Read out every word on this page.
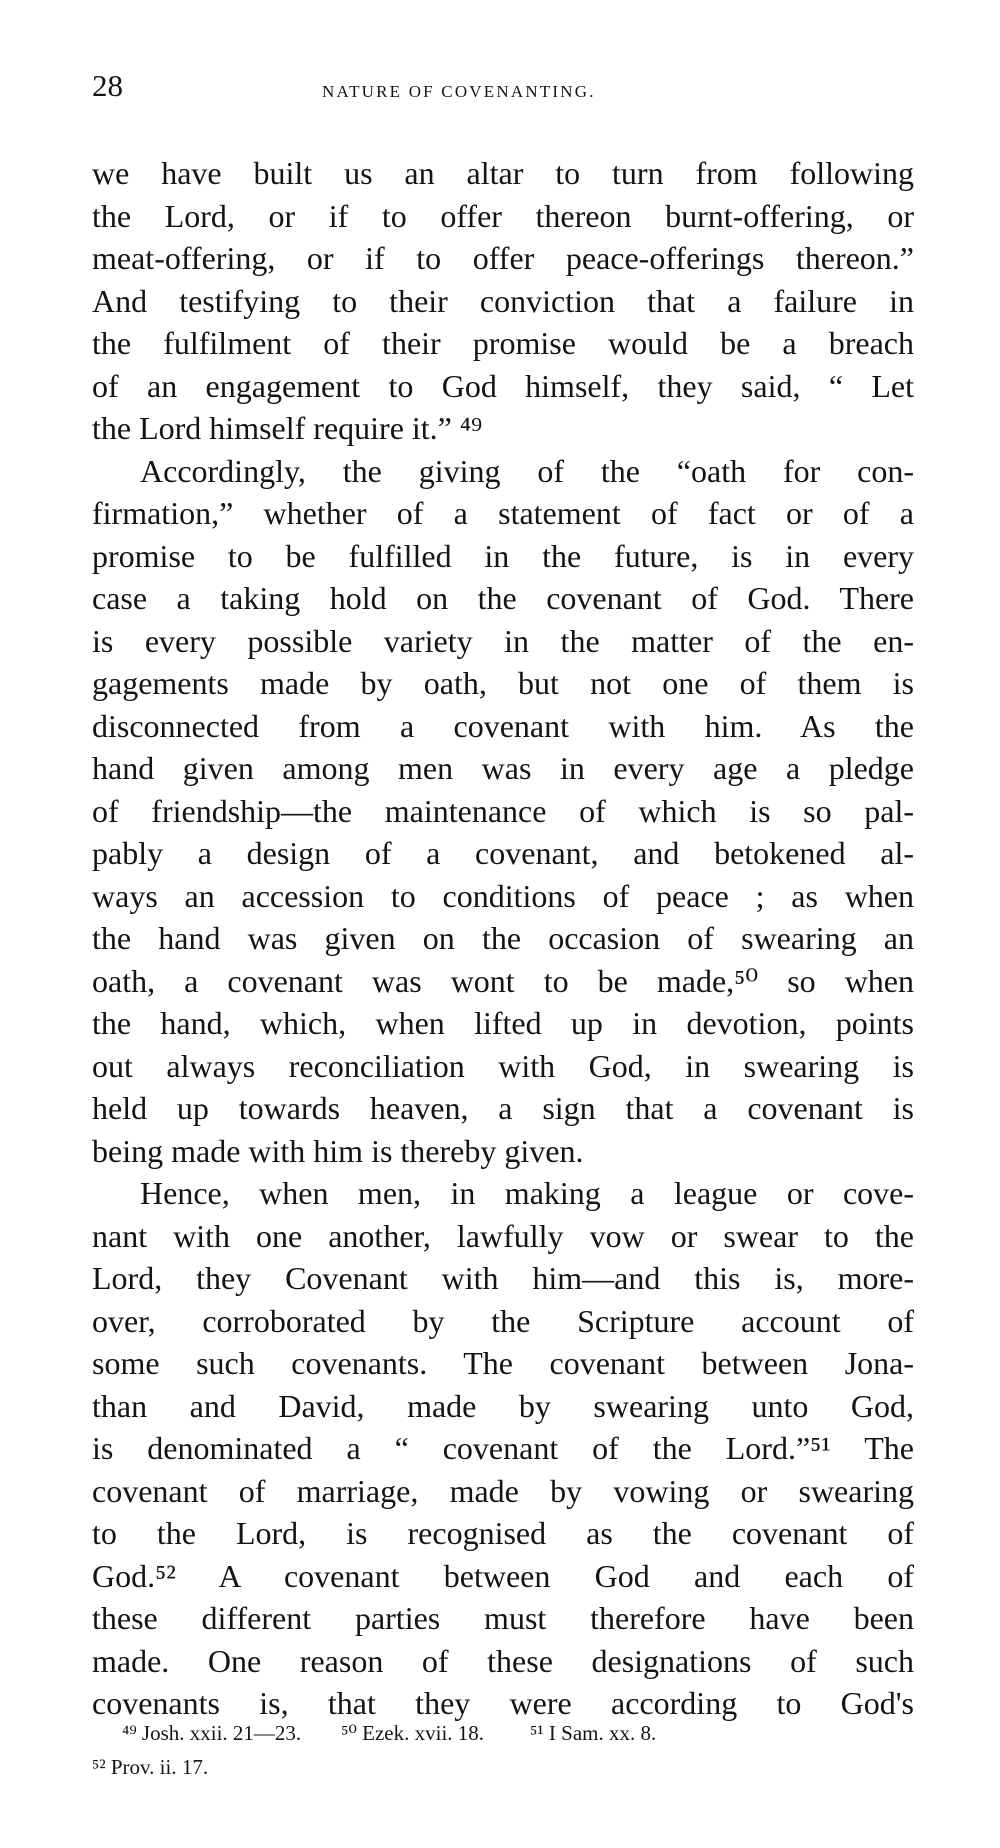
28	NATURE OF COVENANTING.
we have built us an altar to turn from following
the Lord, or if to offer thereon burnt-offering, or
meat-offering, or if to offer peace-offerings thereon.”
And testifying to their conviction that a failure in
the fulfilment of their promise would be a breach
of an engagement to God himself, they said, “ Let
the Lord himself require it.” ⁴⁹
Accordingly, the giving of the “oath for con-
firmation,” whether of a statement of fact or of a
promise to be fulfilled in the future, is in every
case a taking hold on the covenant of God. There
is every possible variety in the matter of the en-
gagements made by oath, but not one of them is
disconnected from a covenant with him. As the
hand given among men was in every age a pledge
of friendship—the maintenance of which is so pal-
pably a design of a covenant, and betokened al-
ways an accession to conditions of peace ; as when
the hand was given on the occasion of swearing an
oath, a covenant was wont to be made,⁵⁰ so when
the hand, which, when lifted up in devotion, points
out always reconciliation with God, in swearing is
held up towards heaven, a sign that a covenant is
being made with him is thereby given.
Hence, when men, in making a league or cove-
nant with one another, lawfully vow or swear to the
Lord, they Covenant with him—and this is, more-
over, corroborated by the Scripture account of
some such covenants. The covenant between Jona-
than and David, made by swearing unto God,
is denominated a “ covenant of the Lord.”⁵¹ The
covenant of marriage, made by vowing or swearing
to the Lord, is recognised as the covenant of
God.⁵² A covenant between God and each of
these different parties must therefore have been
made. One reason of these designations of such
covenants is, that they were according to God's
⁴⁹ Josh. xxii. 21—23. ⁵⁰ Ezek. xvii. 18. ⁵¹ I Sam. xx. 8.
⁵² Prov. ii. 17.
